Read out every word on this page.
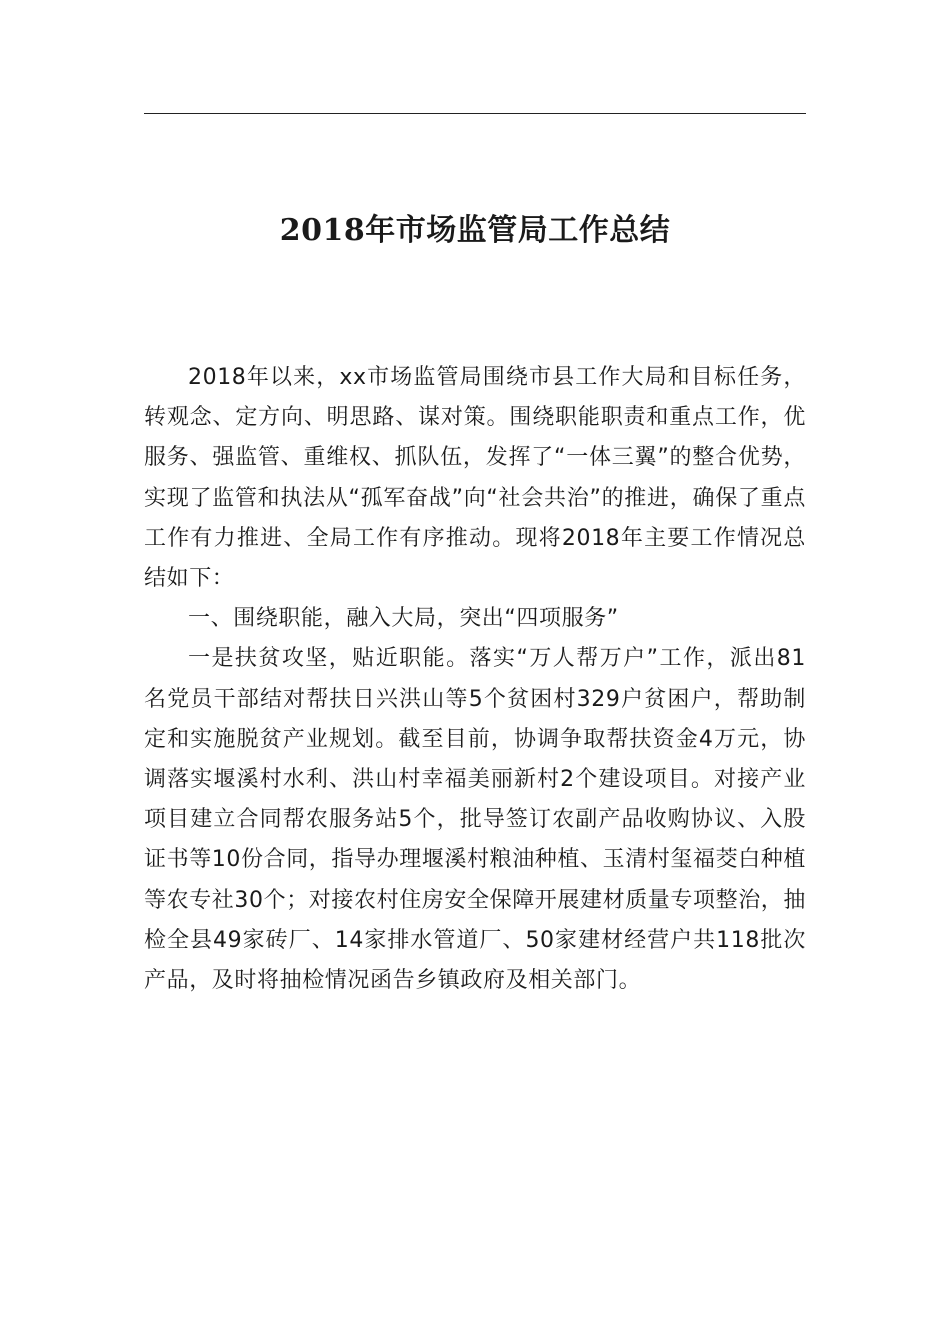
2018年市场监管局工作总结

2018年以来，xx市场监管局围绕市县工作大局和目标任务，转观念、定方向、明思路、谋对策。围绕职能职责和重点工作，优服务、强监管、重维权、抓队伍，发挥了“一体三翼”的整合优势，实现了监管和执法从“孤军奋战”向“社会共治”的推进，确保了重点工作有力推进、全局工作有序推动。现将2018年主要工作情况总结如下：

一、围绕职能，融入大局，突出“四项服务”

一是扶贫攻坚，贴近职能。落实“万人帮万户”工作，派出81名党员干部结对帮扶日兴洪山等5个贫困村329户贫困户，帮助制定和实施脱贫产业规划。截至目前，协调争取帮扶资金4万元，协调落实堰溪村水利、洪山村幸福美丽新村2个建设项目。对接产业项目建立合同帮农服务站5个，批导签订农副产品收购协议、入股证书等10份合同，指导办理堰溪村粮油种植、玉清村玺福茭白种植等农专社30个；对接农村住房安全保障开展建材质量专项整治，抽检全县49家砖厂、14家排水管道厂、50家建材经营户共118批次产品，及时将抽检情况函告乡镇政府及相关部门。
